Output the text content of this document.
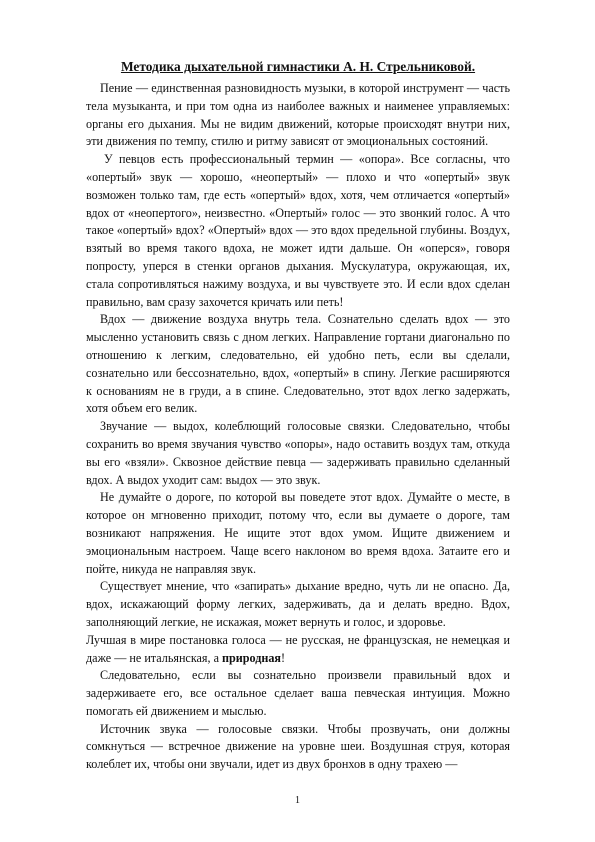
Методика дыхательной гимнастики А. Н. Стрельниковой.

Пение — единственная разновидность музыки, в которой инструмент — часть тела музыканта, и при том одна из наиболее важных и наименее управляемых: органы его дыхания. Мы не видим движений, которые происходят внутри них, эти движения по темпу, стилю и ритму зависят от эмоциональных состояний.

У певцов есть профессиональный термин — «опора». Все согласны, что «опертый» звук — хорошо, «неопертый» — плохо и что «опертый» звук возможен только там, где есть «опертый» вдох, хотя, чем отличается «опертый» вдох от «неопертого», неизвестно. «Опертый» голос — это звонкий голос. А что такое «опертый» вдох? «Опертый» вдох — это вдох предельной глубины. Воздух, взятый во время такого вдоха, не может идти дальше. Он «оперся», говоря попросту, уперся в стенки органов дыхания. Мускулатура, окружающая, их, стала сопротивляться нажиму воздуха, и вы чувствуете это. И если вдох сделан правильно, вам сразу захочется кричать или петь!

Вдох — движение воздуха внутрь тела. Сознательно сделать вдох — это мысленно установить связь с дном легких. Направление гортани диагонально по отношению к легким, следовательно, ей удобно петь, если вы сделали, сознательно или бессознательно, вдох, «опертый» в спину. Легкие расширяются к основаниям не в груди, а в спине. Следовательно, этот вдох легко задержать, хотя объем его велик.

Звучание — выдох, колеблющий голосовые связки. Следовательно, чтобы сохранить во время звучания чувство «опоры», надо оставить воздух там, откуда вы его «взяли». Сквозное действие певца — задерживать правильно сделанный вдох. А выдох уходит сам: выдох — это звук.

Не думайте о дороге, по которой вы поведете этот вдох. Думайте о месте, в которое он мгновенно приходит, потому что, если вы думаете о дороге, там возникают напряжения. Не ищите этот вдох умом. Ищите движением и эмоциональным настроем. Чаще всего наклоном во время вдоха. Затаите его и пойте, никуда не направляя звук.

Существует мнение, что «запирать» дыхание вредно, чуть ли не опасно. Да, вдох, искажающий форму легких, задерживать, да и делать вредно. Вдох, заполняющий легкие, не искажая, может вернуть и голос, и здоровье.

Лучшая в мире постановка голоса — не русская, не французская, не немецкая и даже — не итальянская, а природная!

Следовательно, если вы сознательно произвели правильный вдох и задерживаете его, все остальное сделает ваша певческая интуиция. Можно помогать ей движением и мыслью.

Источник звука — голосовые связки. Чтобы прозвучать, они должны сомкнуться — встречное движение на уровне шеи. Воздушная струя, которая колеблет их, чтобы они звучали, идет из двух бронхов в одну трахею —

1
